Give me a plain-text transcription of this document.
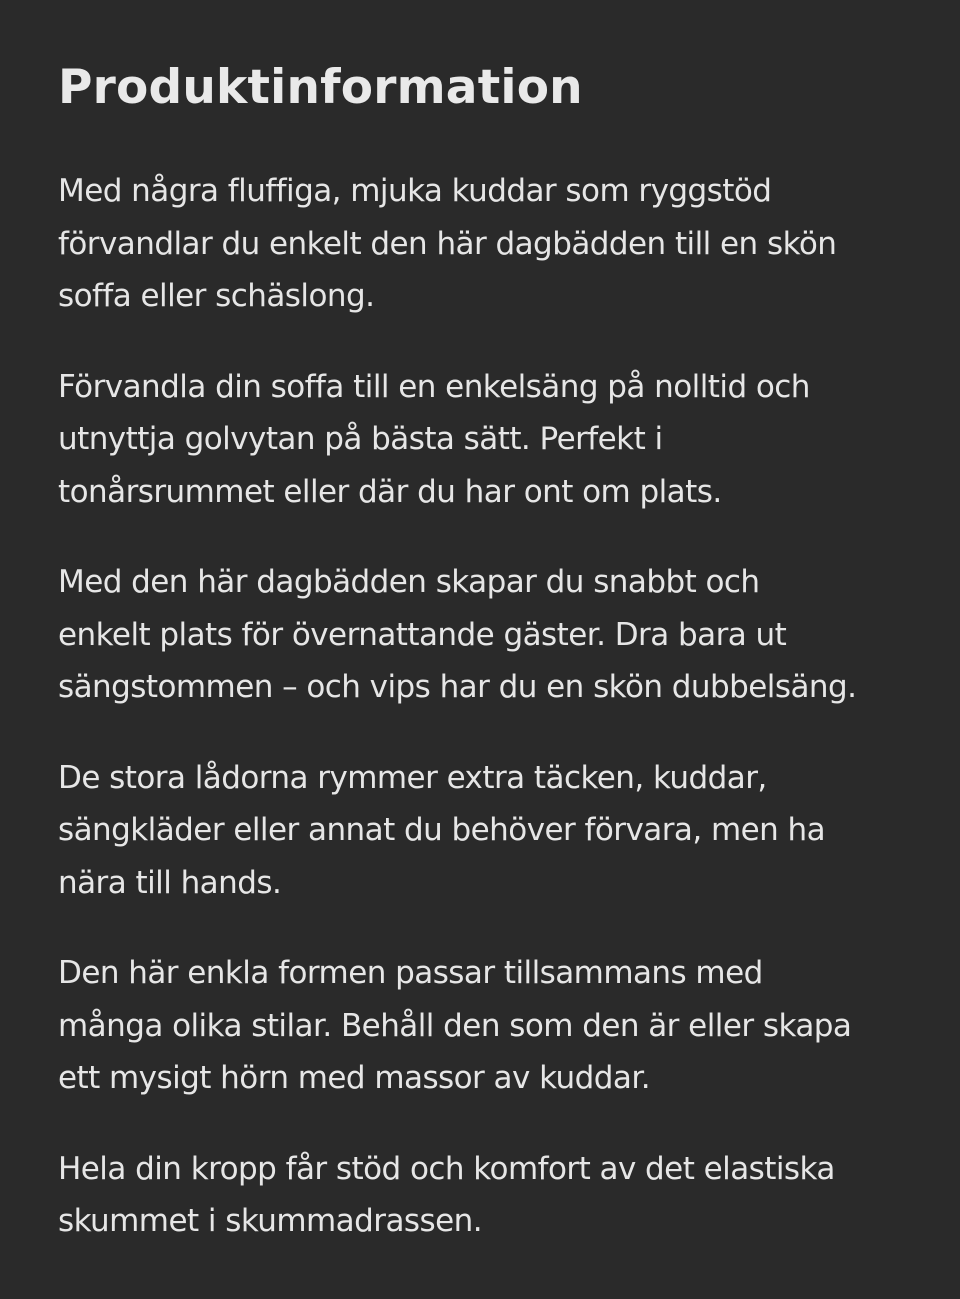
Produktinformation

Med några fluffiga, mjuka kuddar som ryggstöd
förvandlar du enkelt den här dagbädden till en skön
soffa eller schäslong.

Förvandla din soffa till en enkelsäng på nolltid och
utnyttja golvytan på bästa sätt. Perfekt i
tonårsrummet eller där du har ont om plats.

Med den här dagbädden skapar du snabbt och
enkelt plats för övernattande gäster. Dra bara ut
sängstommen – och vips har du en skön dubbelsäng.

De stora lådorna rymmer extra täcken, kuddar,
sängkläder eller annat du behöver förvara, men ha
nära till hands.

Den här enkla formen passar tillsammans med
många olika stilar. Behåll den som den är eller skapa
ett mysigt hörn med massor av kuddar.

Hela din kropp får stöd och komfort av det elastiska
skummet i skummadrassen.
